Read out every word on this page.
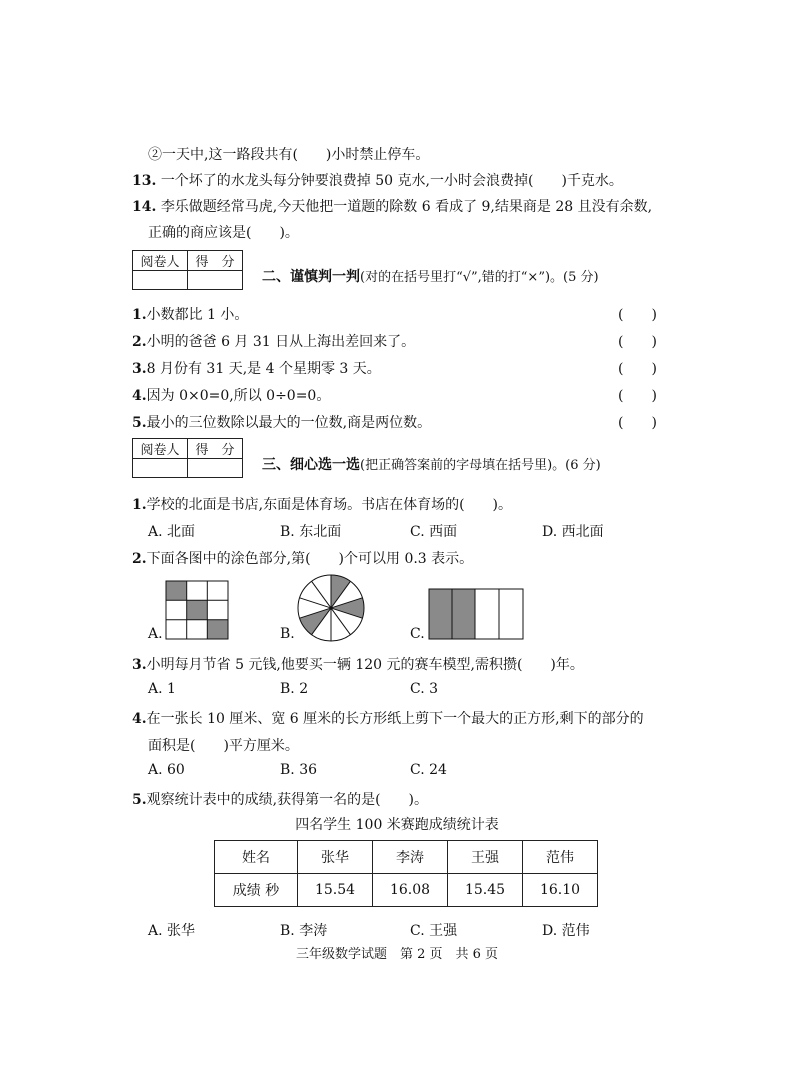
②一天中,这一路段共有(　　)小时禁止停车。
13. 一个坏了的水龙头每分钟要浪费掉 50 克水,一小时会浪费掉(　　)千克水。
14. 李乐做题经常马虎,今天他把一道题的除数 6 看成了 9,结果商是 28 且没有余数,
正确的商应该是(　　)。
阅卷人	得　分

二、谨慎判一判(对的在括号里打“√”,错的打“×”)。(5 分)
1.小数都比 1 小。	(　　)
2.小明的爸爸 6 月 31 日从上海出差回来了。	(　　)
3.8 月份有 31 天,是 4 个星期零 3 天。	(　　)
4.因为 0×0=0,所以 0÷0=0。	(　　)
5.最小的三位数除以最大的一位数,商是两位数。	(　　)
阅卷人	得　分

三、细心选一选(把正确答案前的字母填在括号里)。(6 分)
1.学校的北面是书店,东面是体育场。书店在体育场的(　　)。
A. 北面	B. 东北面	C. 西面	D. 西北面
2.下面各图中的涂色部分,第(　　)个可以用 0.3 表示。
A.	B.	C.
3.小明每月节省 5 元钱,他要买一辆 120 元的赛车模型,需积攒(　　)年。
A. 1	B. 2	C. 3
4.在一张长 10 厘米、宽 6 厘米的长方形纸上剪下一个最大的正方形,剩下的部分的
面积是(　　)平方厘米。
A. 60	B. 36	C. 24
5.观察统计表中的成绩,获得第一名的是(　　)。
四名学生 100 米赛跑成绩统计表
姓名	张华	李涛	王强	范伟
成绩 秒	15.54	16.08	15.45	16.10
A. 张华	B. 李涛	C. 王强	D. 范伟
三年级数学试题　第 2 页　共 6 页
